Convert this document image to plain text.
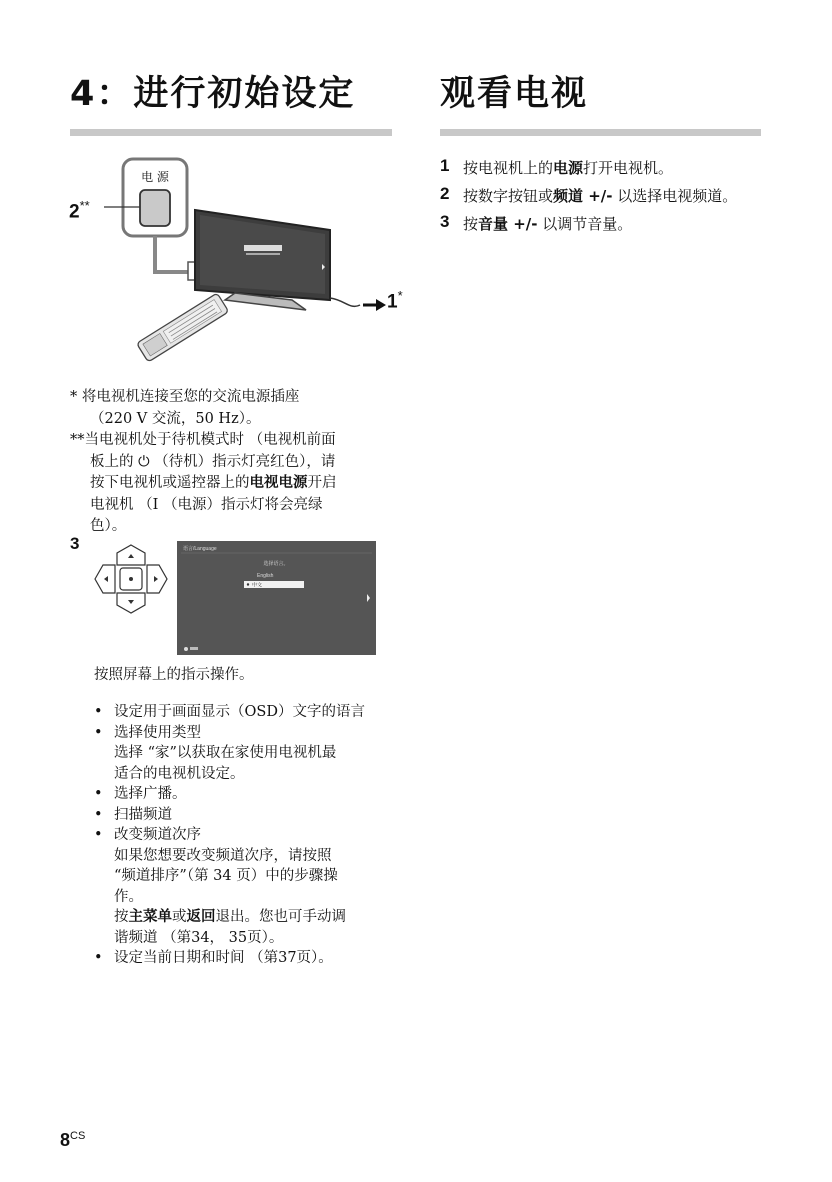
4：进行初始设定
电 源
2**
1*
* 将电视机连接至您的交流电源插座
（220 V 交流，50 Hz）。
**当电视机处于待机模式时 （电视机前面
板上的 ⏻ （待机）指示灯亮红色），请
按下电视机或遥控器上的电视电源开启
电视机 （Ⅰ （电源）指示灯将会亮绿
色）。
3	语言/Language
选择语言。
English
中文
按照屏幕上的指示操作。
• 设定用于画面显示（OSD）文字的语言
• 选择使用类型
选择 “家”以获取在家使用电视机最
适合的电视机设定。
• 选择广播。
• 扫描频道
• 改变频道次序
如果您想要改变频道次序，请按照
“频道排序”（第 34 页）中的步骤操
作。
按主菜单或返回退出。您也可手动调
谐频道 （第34， 35页）。
• 设定当前日期和时间 （第37页）。
观看电视
1 按电视机上的电源打开电视机。
2 按数字按钮或频道 +/- 以选择电视频道。
3 按音量 +/- 以调节音量。
$8^{CS}$
